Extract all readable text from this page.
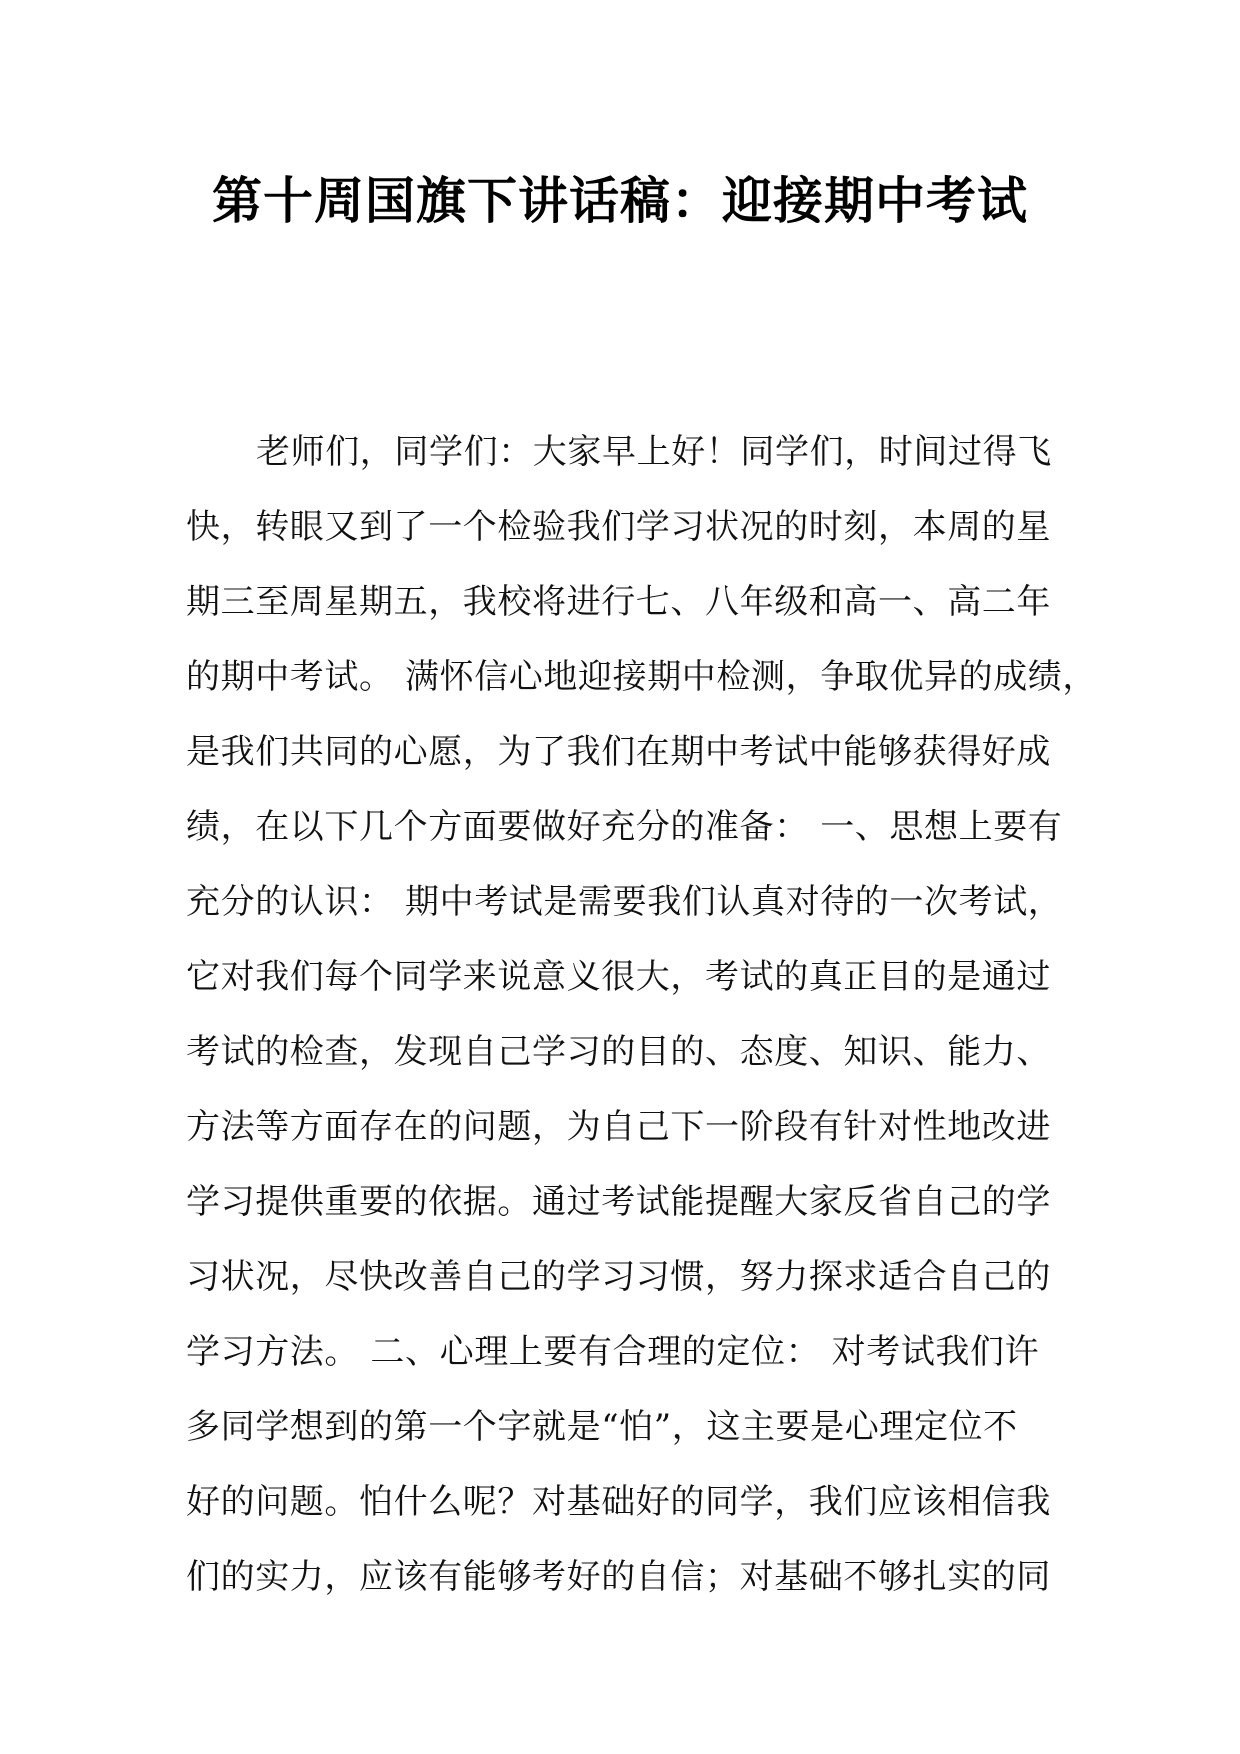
第十周国旗下讲话稿：迎接期中考试
老师们，同学们：大家早上好！同学们，时间过得飞
快，转眼又到了一个检验我们学习状况的时刻，本周的星
期三至周星期五，我校将进行七、八年级和高一、高二年
的期中考试。 满怀信心地迎接期中检测，争取优异的成绩，
是我们共同的心愿，为了我们在期中考试中能够获得好成
绩，在以下几个方面要做好充分的准备： 一、思想上要有
充分的认识： 期中考试是需要我们认真对待的一次考试，
它对我们每个同学来说意义很大，考试的真正目的是通过
考试的检查，发现自己学习的目的、态度、知识、能力、
方法等方面存在的问题，为自己下一阶段有针对性地改进
学习提供重要的依据。通过考试能提醒大家反省自己的学
习状况，尽快改善自己的学习习惯，努力探求适合自己的
学习方法。 二、心理上要有合理的定位： 对考试我们许
多同学想到的第一个字就是“怕”，这主要是心理定位不
好的问题。怕什么呢？对基础好的同学，我们应该相信我
们的实力，应该有能够考好的自信；对基础不够扎实的同
